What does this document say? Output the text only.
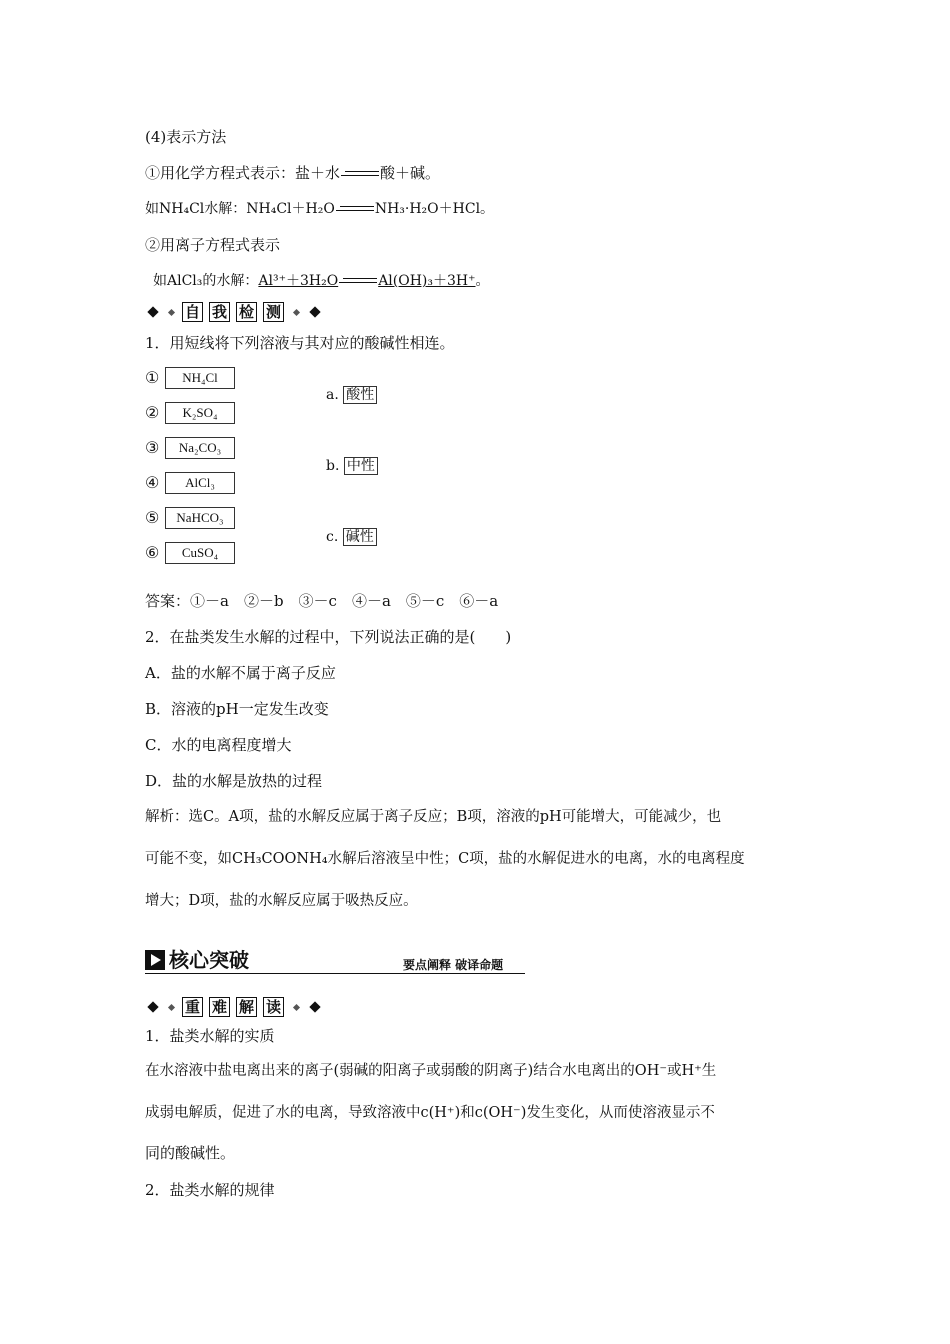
(4)表示方法
①用化学方程式表示：盐＋水	酸＋碱。
如NH₄Cl水解：NH₄Cl＋H₂O	NH₃·H₂O＋HCl。
②用离子方程式表示
如AlCl₃的水解：Al³⁺＋3H₂O	Al(OH)₃＋3H⁺。
自 我 检 测
1．用短线将下列溶液与其对应的酸碱性相连。
①	NH₄Cl
②	K₂SO₄
③	Na₂CO₃
④	AlCl₃
⑤	NaHCO₃
⑥	CuSO₄
a. 酸性
b. 中性
c. 碱性
答案：①－a　②－b　③－c　④－a　⑤－c　⑥－a
2．在盐类发生水解的过程中，下列说法正确的是(　　)
A．盐的水解不属于离子反应
B．溶液的pH一定发生改变
C．水的电离程度增大
D．盐的水解是放热的过程
解析：选C。A项，盐的水解反应属于离子反应；B项，溶液的pH可能增大，可能减少，也
可能不变，如CH₃COONH₄水解后溶液呈中性；C项，盐的水解促进水的电离，水的电离程度
增大；D项，盐的水解反应属于吸热反应。
核心突破	要点阐释 破译命题
重 难 解 读
1．盐类水解的实质
在水溶液中盐电离出来的离子(弱碱的阳离子或弱酸的阴离子)结合水电离出的OH⁻或H⁺生
成弱电解质，促进了水的电离，导致溶液中c(H⁺)和c(OH⁻)发生变化，从而使溶液显示不
同的酸碱性。
2．盐类水解的规律
